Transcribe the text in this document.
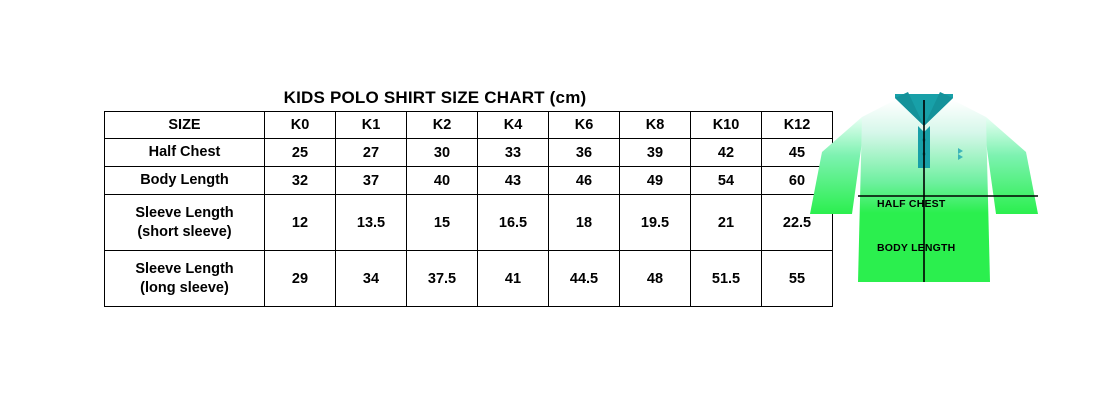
KIDS POLO SHIRT SIZE CHART (cm)
SIZE	K0	K1	K2	K4	K6	K8	K10	K12
Half Chest	25	27	30	33	36	39	42	45
Body Length	32	37	40	43	46	49	54	60
Sleeve Length
(short sleeve)	12	13.5	15	16.5	18	19.5	21	22.5
Sleeve Length
(long sleeve)	29	34	37.5	41	44.5	48	51.5	55
HALF CHEST
BODY LENGTH
